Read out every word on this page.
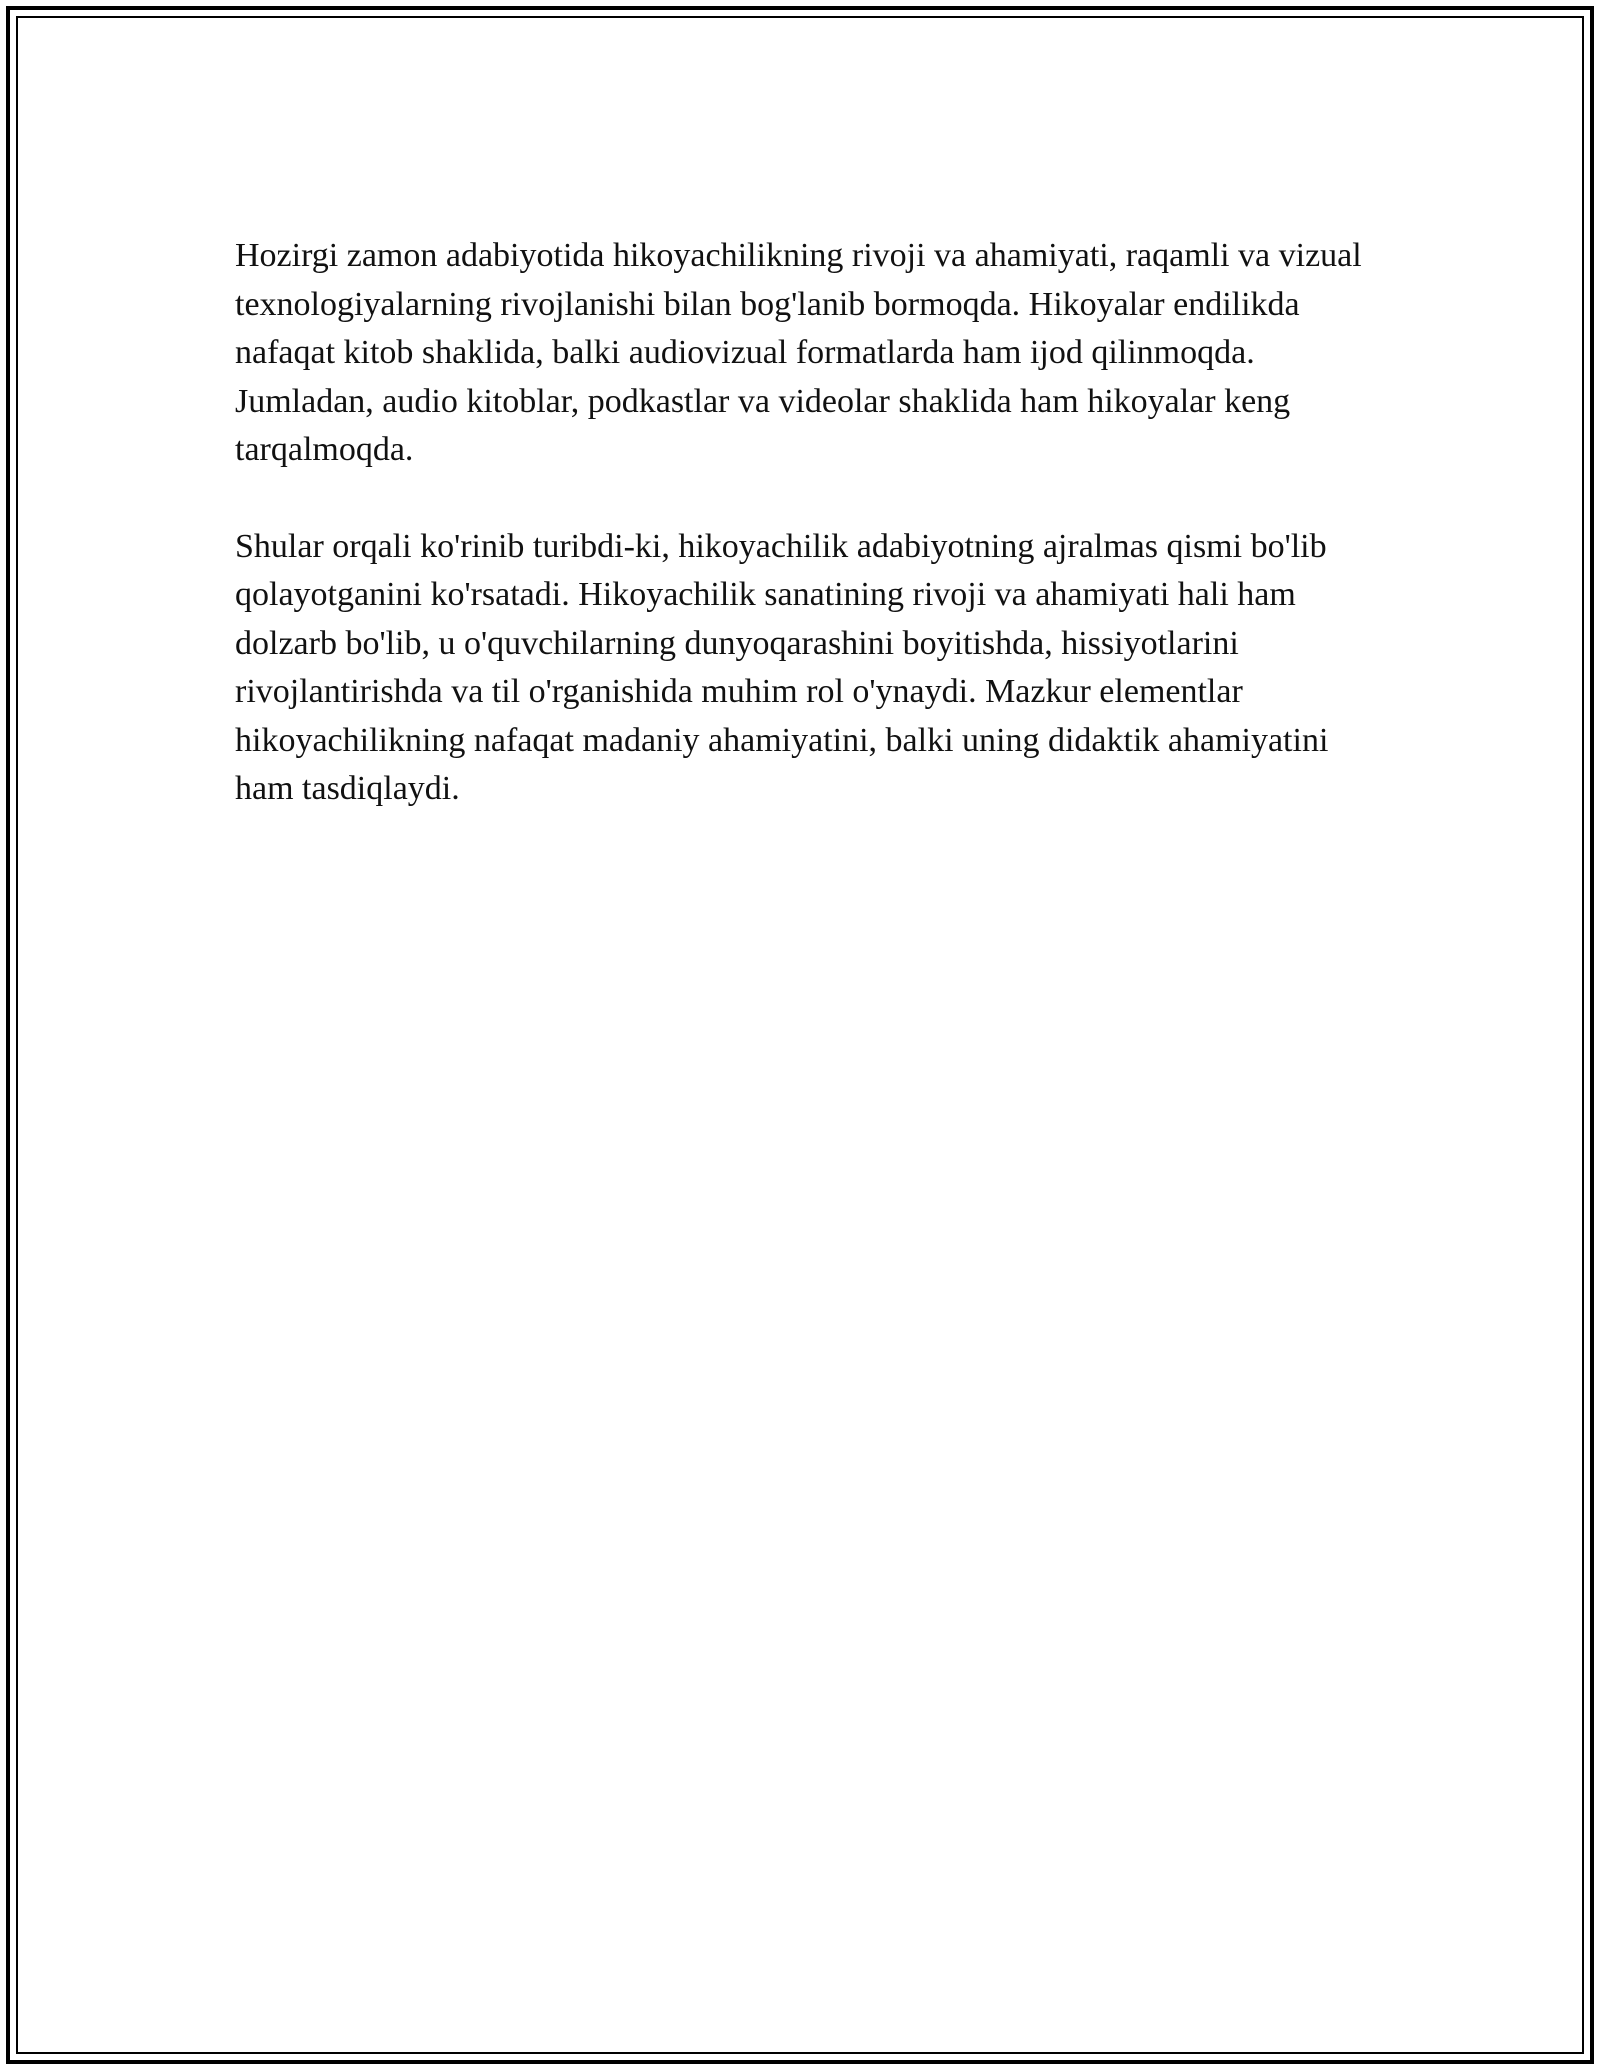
Hozirgi zamon adabiyotida hikoyachilikning rivoji va ahamiyati, raqamli va vizual texnologiyalarning rivojlanishi bilan bog'lanib bormoqda. Hikoyalar endilikda nafaqat kitob shaklida, balki audiovizual formatlarda ham ijod qilinmoqda. Jumladan, audio kitoblar, podkastlar va videolar shaklida ham hikoyalar keng tarqalmoqda.

Shular orqali ko'rinib turibdi-ki, hikoyachilik adabiyotning ajralmas qismi bo'lib qolayotganini ko'rsatadi. Hikoyachilik sanatining rivoji va ahamiyati hali ham dolzarb bo'lib, u o'quvchilarning dunyoqarashini boyitishda, hissiyotlarini rivojlantirishda va til o'rganishida muhim rol o'ynaydi. Mazkur elementlar hikoyachilikning nafaqat madaniy ahamiyatini, balki uning didaktik ahamiyatini ham tasdiqlaydi.
